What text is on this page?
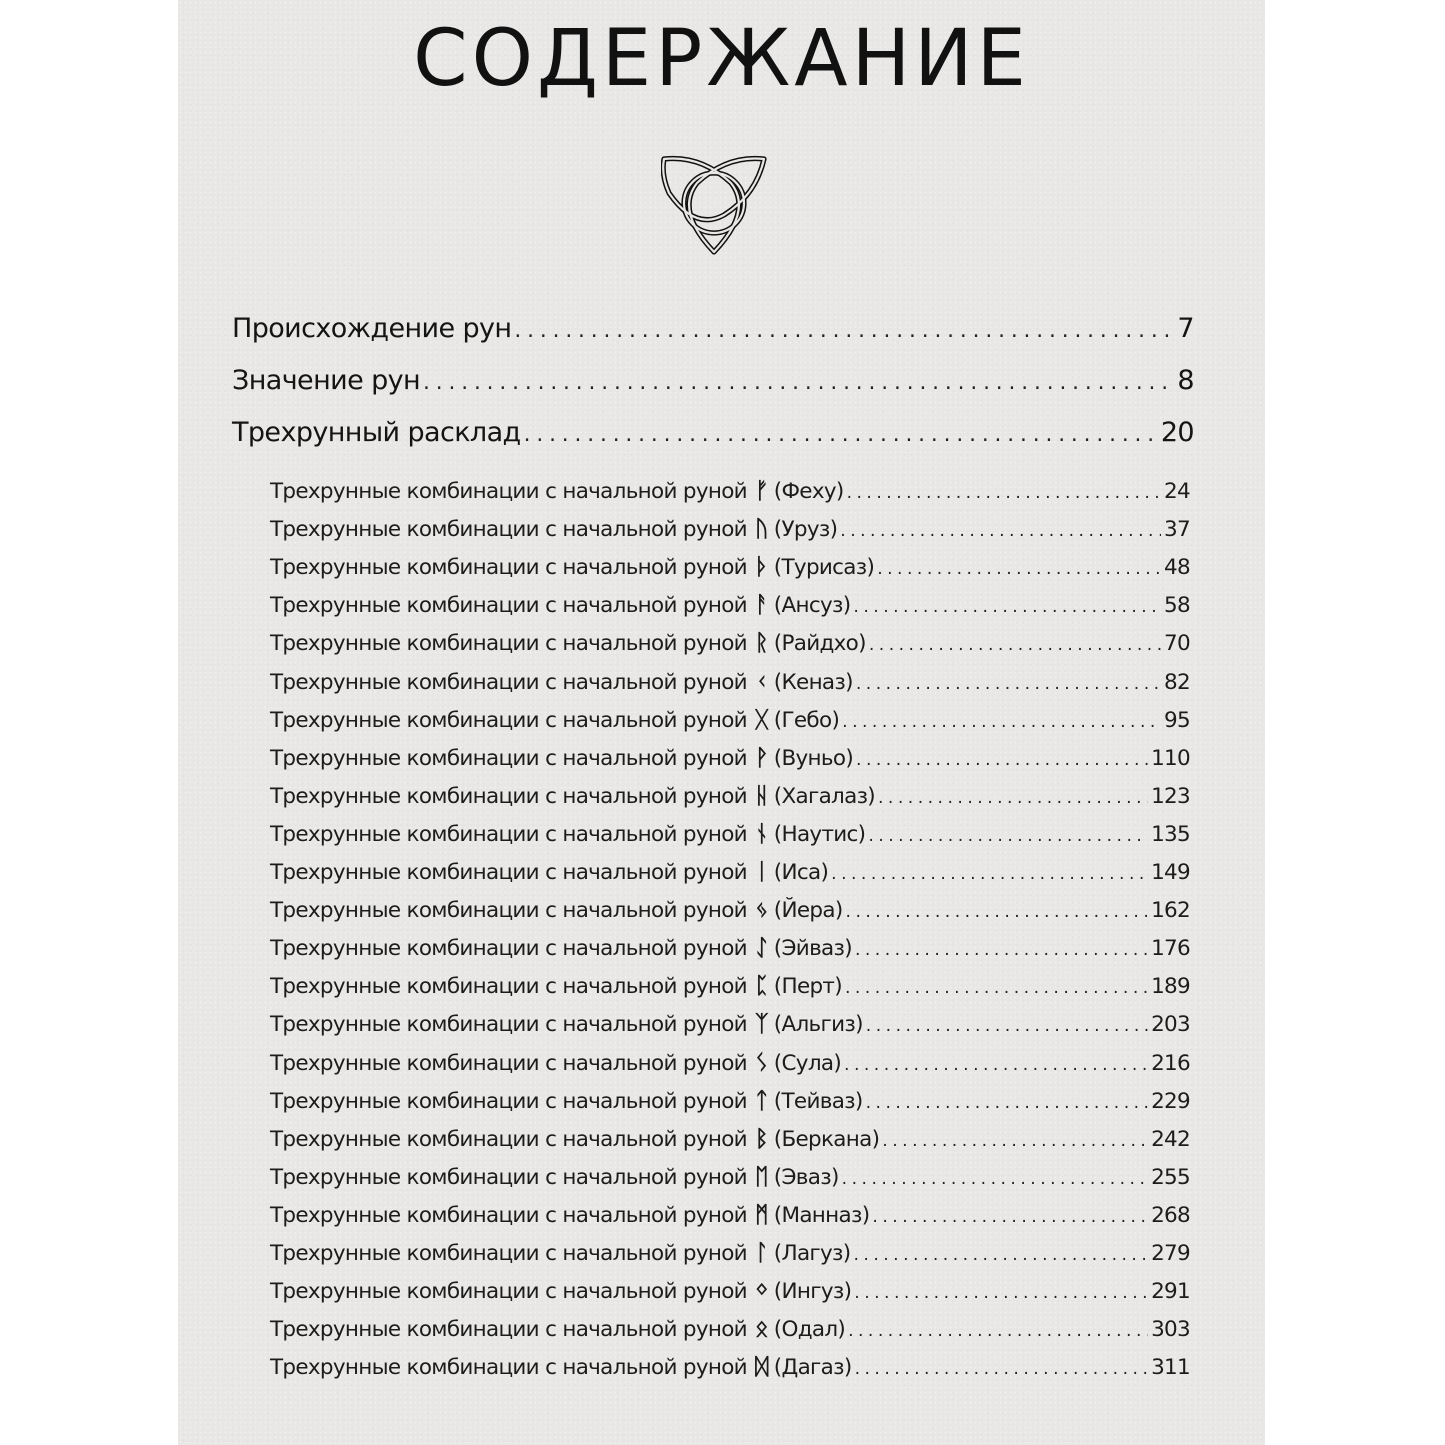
СОДЕРЖАНИЕ
Происхождение рун . . .	7
Значение рун . . .	8
Трехрунный расклад . . .	20
Трехрунные комбинации с начальной руной ᚠ (Феху) . . .	24
Трехрунные комбинации с начальной руной ᚢ (Уруз) . . .	37
Трехрунные комбинации с начальной руной ᚦ (Турисаз) . . .	48
Трехрунные комбинации с начальной руной ᚨ (Ансуз) . . .	58
Трехрунные комбинации с начальной руной ᚱ (Райдхо) . . .	70
Трехрунные комбинации с начальной руной ᚲ (Кеназ) . . .	82
Трехрунные комбинации с начальной руной ᚷ (Гебо) . . .	95
Трехрунные комбинации с начальной руной ᚹ (Вуньо) . . .	110
Трехрунные комбинации с начальной руной ᚺ (Хагалаз) . . .	123
Трехрунные комбинации с начальной руной ᚾ (Наутис) . . .	135
Трехрунные комбинации с начальной руной ᛁ (Иса) . . .	149
Трехрунные комбинации с начальной руной ᛃ (Йера) . . .	162
Трехрунные комбинации с начальной руной ᛇ (Эйваз) . . .	176
Трехрунные комбинации с начальной руной ᛈ (Перт) . . .	189
Трехрунные комбинации с начальной руной ᛉ (Альгиз) . . .	203
Трехрунные комбинации с начальной руной ᛊ (Сула) . . .	216
Трехрунные комбинации с начальной руной ᛏ (Тейваз) . . .	229
Трехрунные комбинации с начальной руной ᛒ (Беркана) . . .	242
Трехрунные комбинации с начальной руной ᛖ (Эваз) . . .	255
Трехрунные комбинации с начальной руной ᛗ (Манназ) . . .	268
Трехрунные комбинации с начальной руной ᛚ (Лагуз) . . .	279
Трехрунные комбинации с начальной руной ᛜ (Ингуз) . . .	291
Трехрунные комбинации с начальной руной ᛟ (Одал) . . .	303
Трехрунные комбинации с начальной руной ᛞ (Дагаз) . . .	311
